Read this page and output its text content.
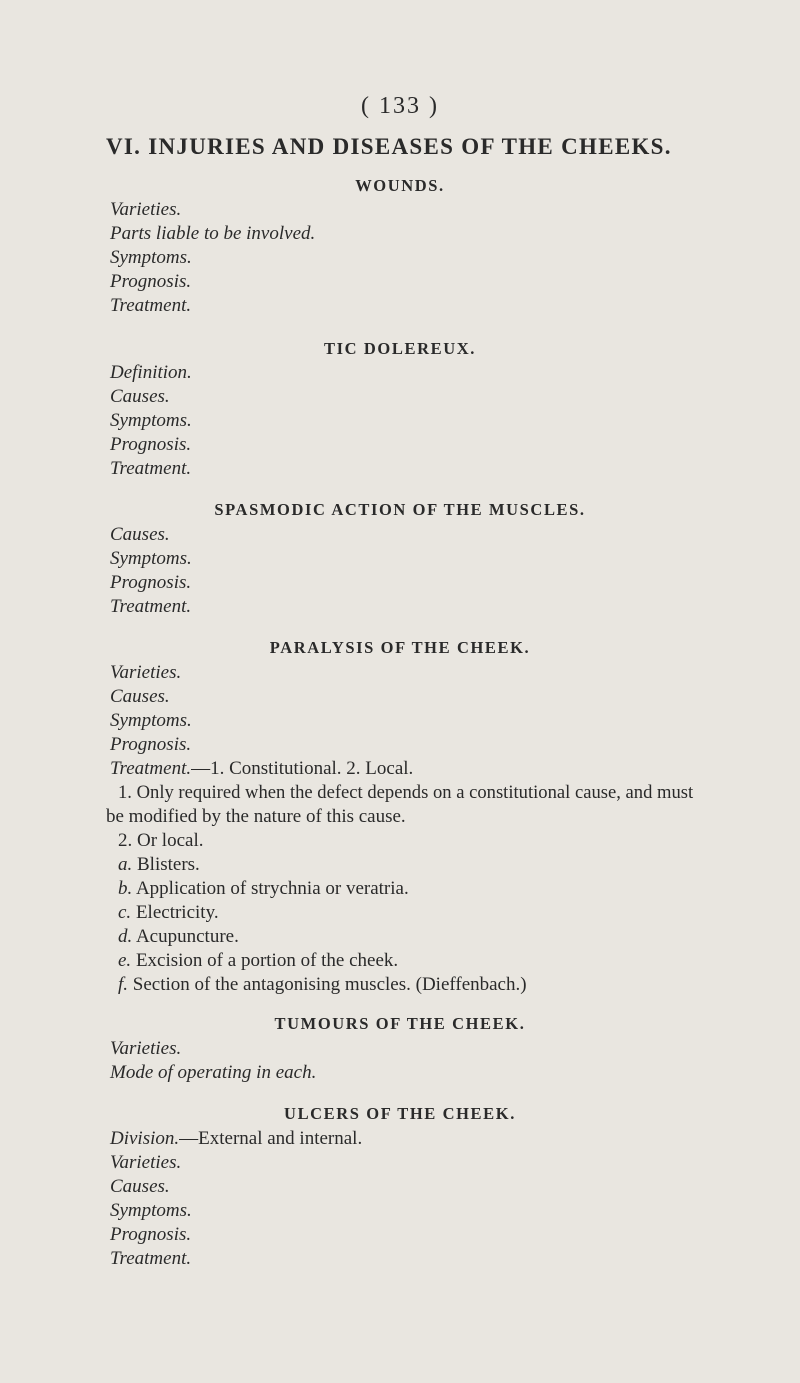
( 133 )
VI. INJURIES AND DISEASES OF THE CHEEKS.
WOUNDS.
Varieties.
Parts liable to be involved.
Symptoms.
Prognosis.
Treatment.
TIC DOLEREUX.
Definition.
Causes.
Symptoms.
Prognosis.
Treatment.
SPASMODIC ACTION OF THE MUSCLES.
Causes.
Symptoms.
Prognosis.
Treatment.
PARALYSIS OF THE CHEEK.
Varieties.
Causes.
Symptoms.
Prognosis.
Treatment.—1. Constitutional. 2. Local.
1. Only required when the defect depends on a constitutional cause, and must
be modified by the nature of this cause.
2. Or local.
a. Blisters.
b. Application of strychnia or veratria.
c. Electricity.
d. Acupuncture.
e. Excision of a portion of the cheek.
f. Section of the antagonising muscles. (Dieffenbach.)
TUMOURS OF THE CHEEK.
Varieties.
Mode of operating in each.
ULCERS OF THE CHEEK.
Division.—External and internal.
Varieties.
Causes.
Symptoms.
Prognosis.
Treatment.
